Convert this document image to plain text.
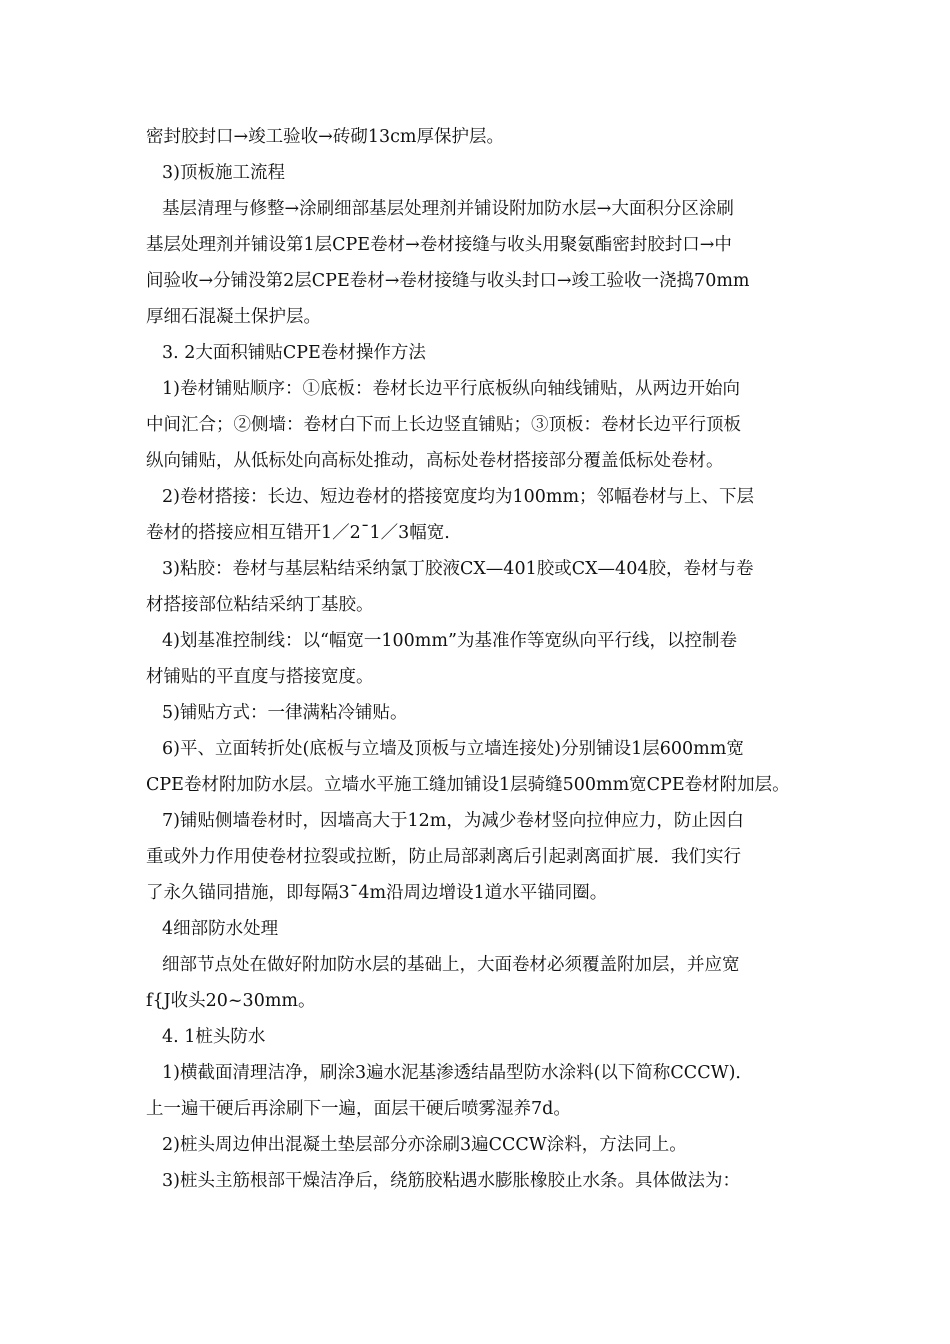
密封胶封口→竣工验收→砖砌13cm厚保护层。
3)顶板施工流程
基层清理与修整→涂刷细部基层处理剂并铺设附加防水层→大面积分区涂刷
基层处理剂并铺设第1层CPE卷材→卷材接缝与收头用聚氨酯密封胶封口→中
间验收→分铺没第2层CPE卷材→卷材接缝与收头封口→竣工验收一浇捣70mm
厚细石混凝土保护层。
3. 2大面积铺贴CPE卷材操作方法
1)卷材铺贴顺序：①底板：卷材长边平行底板纵向轴线铺贴，从两边开始向
中间汇合；②侧墙：卷材白下而上长边竖直铺贴；③顶板：卷材长边平行顶板
纵向铺贴，从低标处向高标处推动，高标处卷材搭接部分覆盖低标处卷材。
2)卷材搭接：长边、短边卷材的搭接宽度均为100mm；邻幅卷材与上、下层
卷材的搭接应相互错开1／2¯1／3幅宽.
3)粘胶：卷材与基层粘结采纳氯丁胶液CX—401胶或CX—404胶，卷材与卷
材搭接部位粘结采纳丁基胶。
4)划基准控制线：以“幅宽一100mm”为基准作等宽纵向平行线，以控制卷
材铺贴的平直度与搭接宽度。
5)铺贴方式：一律满粘冷铺贴。
6)平、立面转折处(底板与立墙及顶板与立墙连接处)分别铺设1层600mm宽
CPE卷材附加防水层。立墙水平施工缝加铺设1层骑缝500mm宽CPE卷材附加层。
7)铺贴侧墙卷材时，因墙高大于12m，为减少卷材竖向拉伸应力，防止因白
重或外力作用使卷材拉裂或拉断，防止局部剥离后引起剥离面扩展．我们实行
了永久锚同措施，即每隔3¯4m沿周边增设1道水平锚同圈。
4细部防水处理
细部节点处在做好附加防水层的基础上，大面卷材必须覆盖附加层，并应宽
f{J收头20~30mm。
4. 1桩头防水
1)横截面清理洁净，刷涂3遍水泥基渗透结晶型防水涂料(以下简称CCCW)．
上一遍干硬后再涂刷下一遍，面层干硬后喷雾湿养7d。
2)桩头周边伸出混凝土垫层部分亦涂刷3遍CCCW涂料，方法同上。
3)桩头主筋根部干燥洁净后，绕筋胶粘遇水膨胀橡胶止水条。具体做法为：
